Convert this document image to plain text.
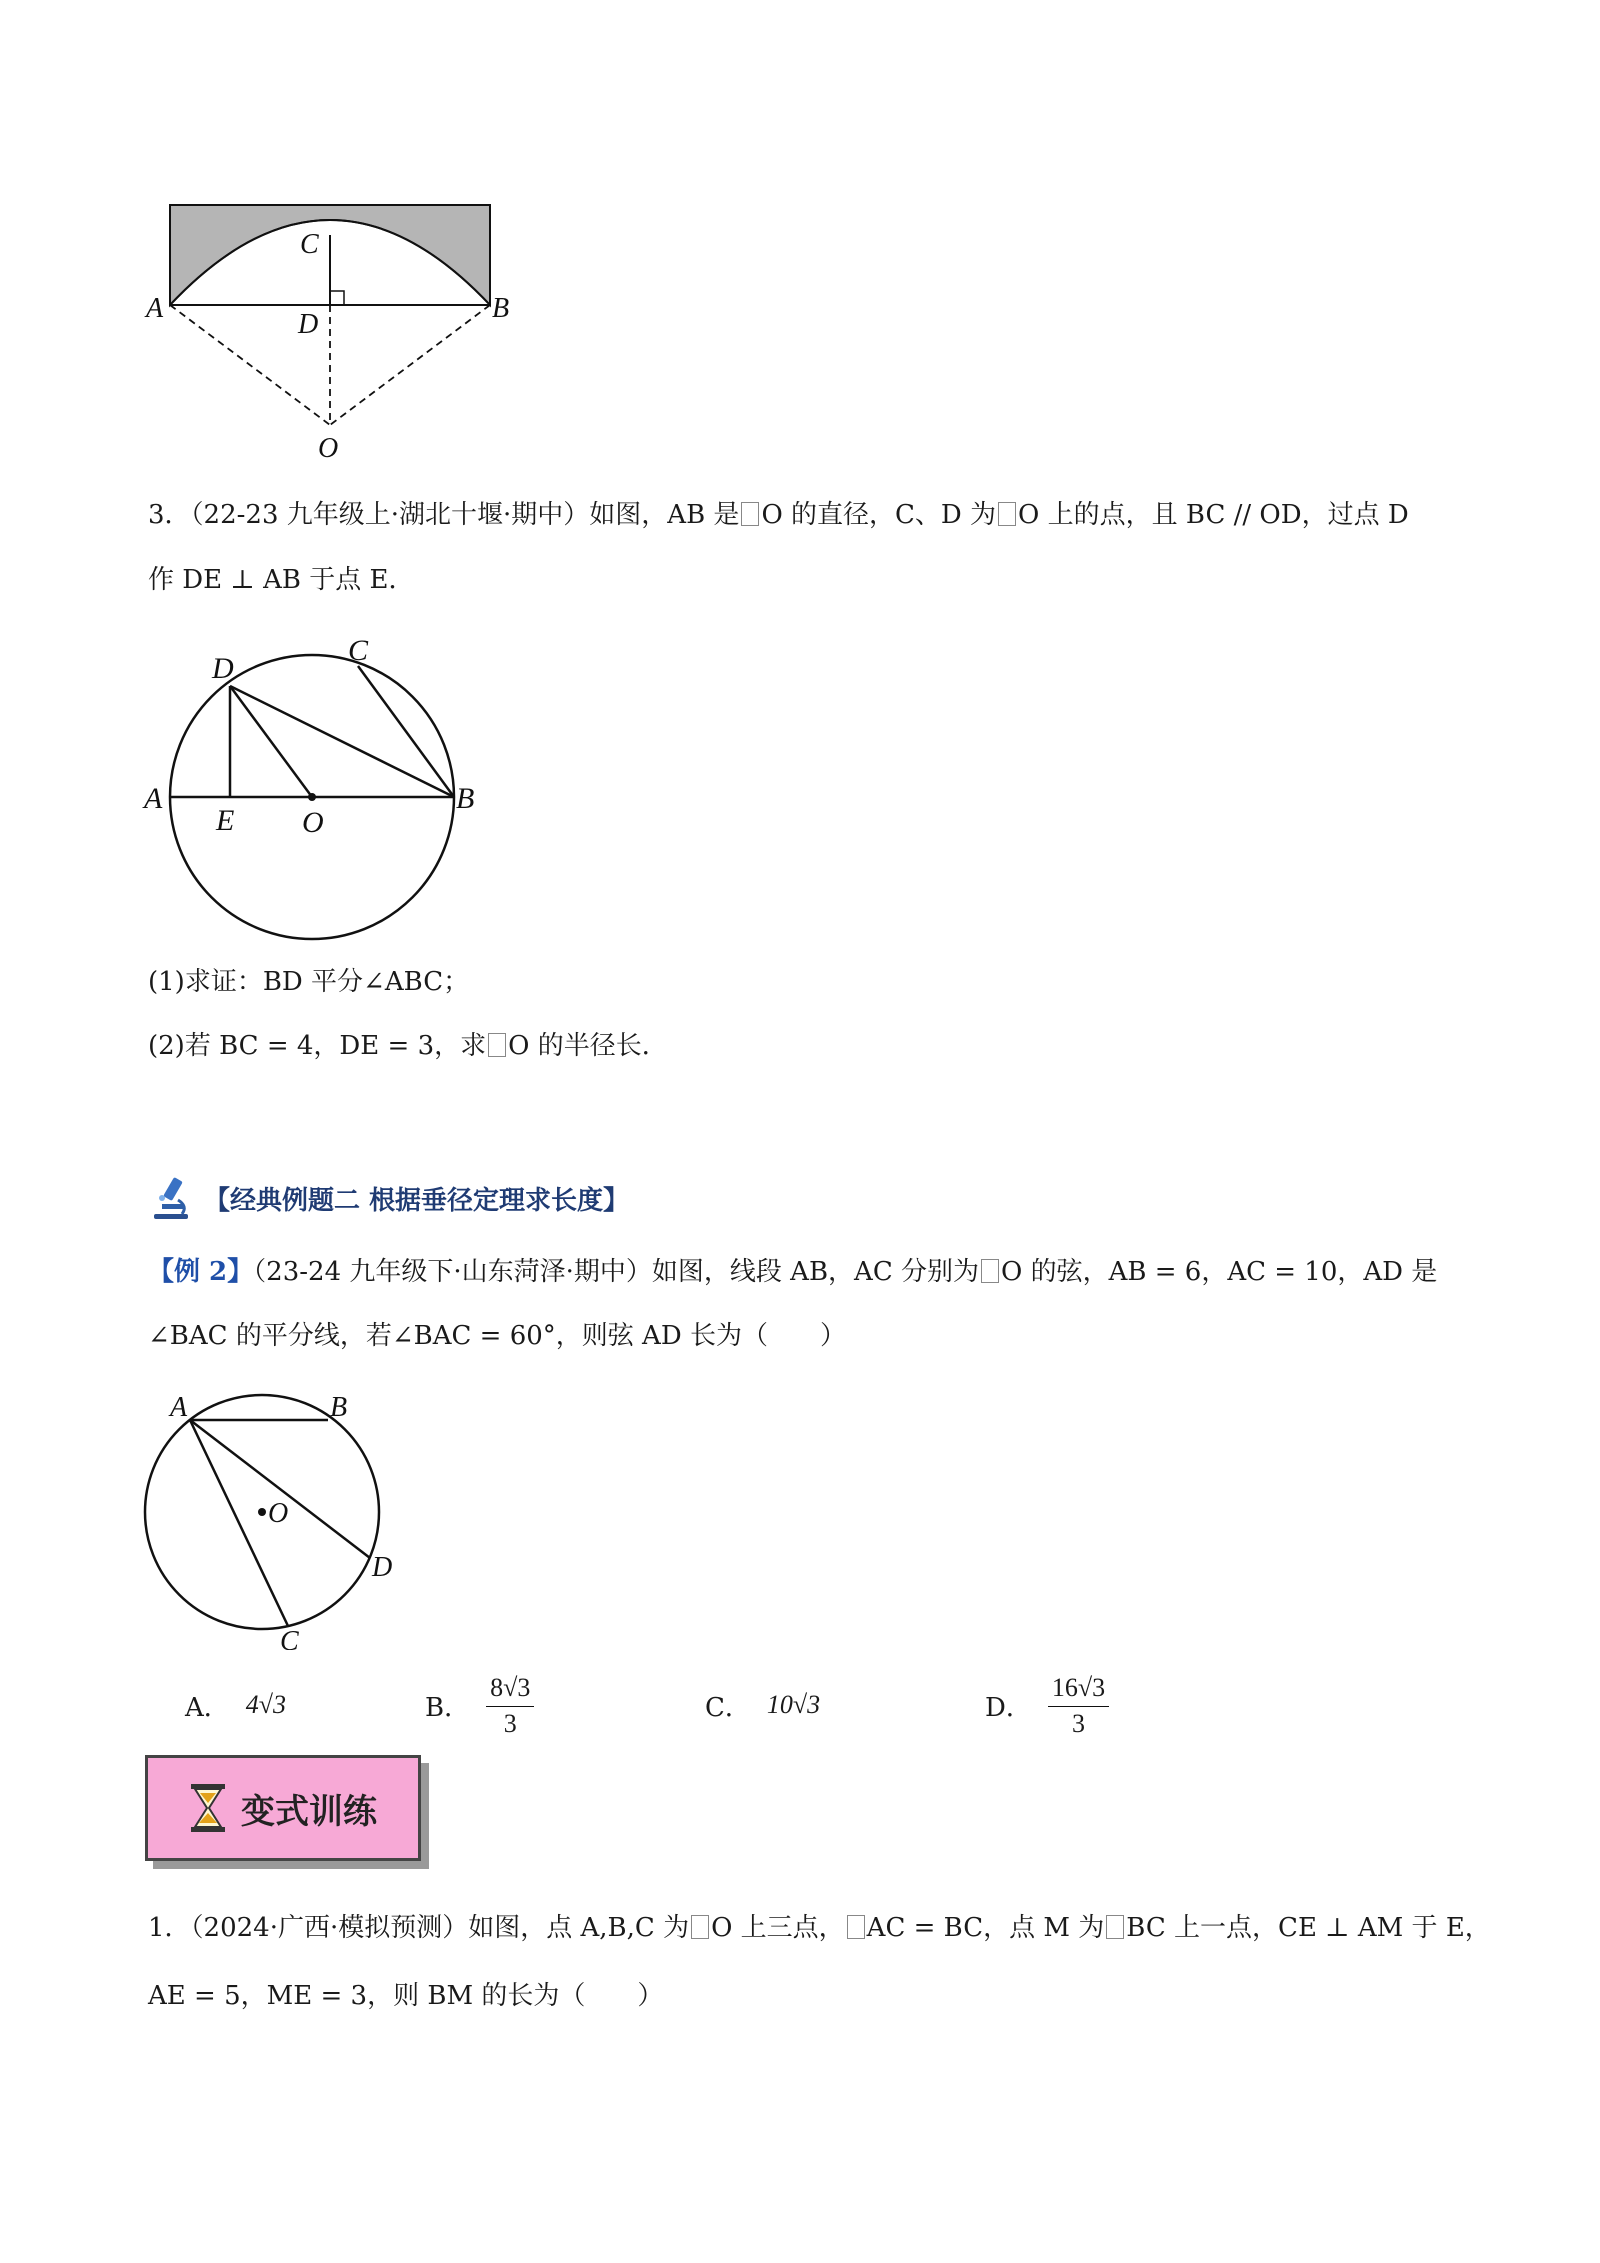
A	B
C
D
O
3．（22-23 九年级上·湖北十堰·期中）如图，AB 是 O 的直径，C、D 为 O 上的点，且 BC // OD，过点 D
作 DE ⊥ AB 于点 E．
D
C
A
E O
B
(1)求证：BD 平分∠ABC；
(2)若 BC = 4，DE = 3，求 O 的半径长．
【经典例题二 根据垂径定理求长度】
【例 2】（23-24 九年级下·山东菏泽·期中）如图，线段 AB，AC 分别为 O 的弦，AB = 6，AC = 10，AD 是
∠BAC 的平分线，若∠BAC = 60°，则弦 AD 长为（　　）
A	B
O
D
C
A． 4√3	B． $\frac{8√3}{3}$	C． 10√3	D． $\frac{16√3}{3}$
变式训练
1．（2024·广西·模拟预测）如图，点 A,B,C 为 O 上三点， AC = BC，点 M 为 BC 上一点，CE ⊥ AM 于 E，
AE = 5，ME = 3，则 BM 的长为（　　）
